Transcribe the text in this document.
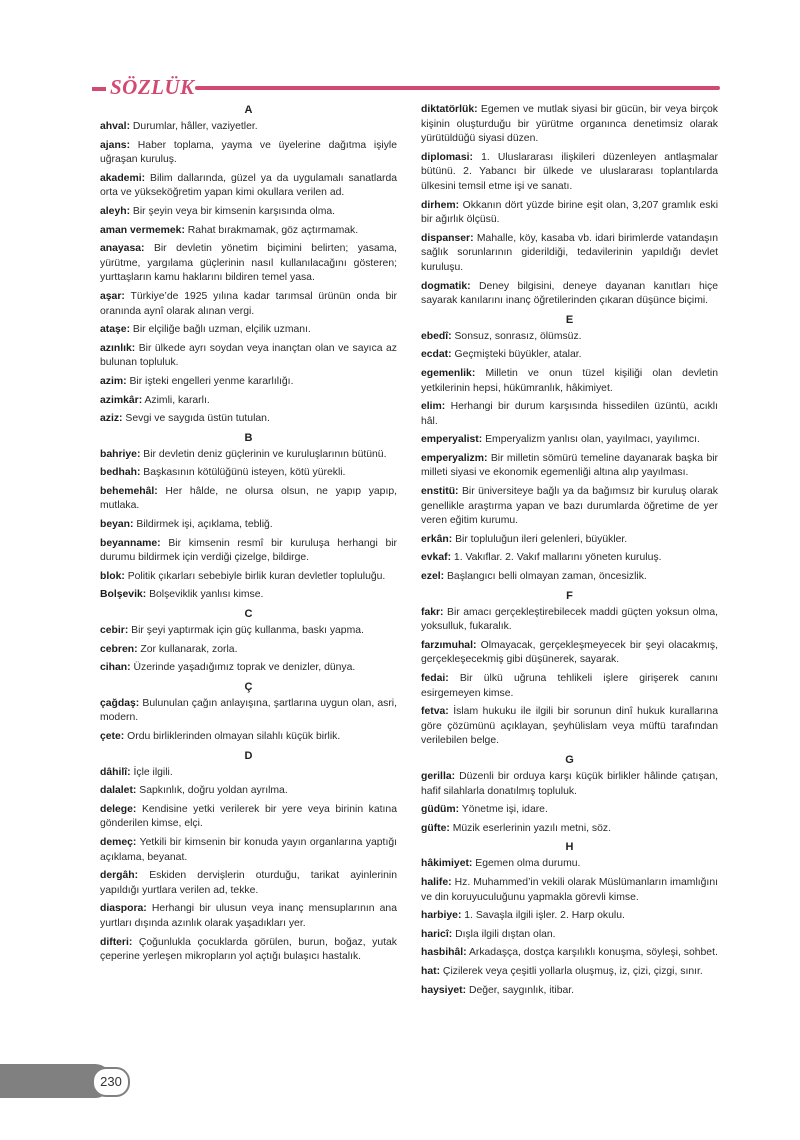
SÖZLÜK
A
ahval: Durumlar, hâller, vaziyetler.
ajans: Haber toplama, yayma ve üyelerine dağıtma işiyle uğraşan kuruluş.
akademi: Bilim dallarında, güzel ya da uygulamalı sanatlarda orta ve yükseköğretim yapan kimi okullara verilen ad.
aleyh: Bir şeyin veya bir kimsenin karşısında olma.
aman vermemek: Rahat bırakmamak, göz açtırmamak.
anayasa: Bir devletin yönetim biçimini belirten; yasama, yürütme, yargılama güçlerinin nasıl kullanılacağını gösteren; yurttaşların kamu haklarını bildiren temel yasa.
aşar: Türkiye’de 1925 yılına kadar tarımsal ürünün onda bir oranında aynî olarak alınan vergi.
ataşe: Bir elçiliğe bağlı uzman, elçilik uzmanı.
azınlık: Bir ülkede ayrı soydan veya inançtan olan ve sayıca az bulunan topluluk.
azim: Bir işteki engelleri yenme kararlılığı.
azimkâr: Azimli, kararlı.
aziz: Sevgi ve saygıda üstün tutulan.
B
bahriye: Bir devletin deniz güçlerinin ve kuruluşlarının bütünü.
bedhah: Başkasının kötülüğünü isteyen, kötü yürekli.
behemehâl: Her hâlde, ne olursa olsun, ne yapıp yapıp, mutlaka.
beyan: Bildirmek işi, açıklama, tebliğ.
beyanname: Bir kimsenin resmî bir kuruluşa herhangi bir durumu bildirmek için verdiği çizelge, bildirge.
blok: Politik çıkarları sebebiyle birlik kuran devletler topluluğu.
Bolşevik: Bolşeviklik yanlısı kimse.
C
cebir: Bir şeyi yaptırmak için güç kullanma, baskı yapma.
cebren: Zor kullanarak, zorla.
cihan: Üzerinde yaşadığımız toprak ve denizler, dünya.
Ç
çağdaş: Bulunulan çağın anlayışına, şartlarına uygun olan, asri, modern.
çete: Ordu birliklerinden olmayan silahlı küçük birlik.
D
dâhilî: İçle ilgili.
dalalet: Sapkınlık, doğru yoldan ayrılma.
delege: Kendisine yetki verilerek bir yere veya birinin katına gönderilen kimse, elçi.
demeç: Yetkili bir kimsenin bir konuda yayın organlarına yaptığı açıklama, beyanat.
dergâh: Eskiden dervişlerin oturduğu, tarikat ayinlerinin yapıldığı yurtlara verilen ad, tekke.
diaspora: Herhangi bir ulusun veya inanç mensuplarının ana yurtları dışında azınlık olarak yaşadıkları yer.
difteri: Çoğunlukla çocuklarda görülen, burun, boğaz, yutak çeperine yerleşen mikropların yol açtığı bulaşıcı hastalık.
diktatörlük: Egemen ve mutlak siyasi bir gücün, bir veya birçok kişinin oluşturduğu bir yürütme organınca denetimsiz olarak yürütüldüğü siyasi düzen.
diplomasi: 1. Uluslararası ilişkileri düzenleyen antlaşmalar bütünü. 2. Yabancı bir ülkede ve uluslararası toplantılarda ülkesini temsil etme işi ve sanatı.
dirhem: Okkanın dört yüzde birine eşit olan, 3,207 gramlık eski bir ağırlık ölçüsü.
dispanser: Mahalle, köy, kasaba vb. idari birimlerde vatandaşın sağlık sorunlarının giderildiği, tedavilerinin yapıldığı devlet kuruluşu.
dogmatik: Deney bilgisini, deneye dayanan kanıtları hiçe sayarak kanılarını inanç öğretilerinden çıkaran düşünce biçimi.
E
ebedî: Sonsuz, sonrasız, ölümsüz.
ecdat: Geçmişteki büyükler, atalar.
egemenlik: Milletin ve onun tüzel kişiliği olan devletin yetkilerinin hepsi, hükümranlık, hâkimiyet.
elim: Herhangi bir durum karşısında hissedilen üzüntü, acıklı hâl.
emperyalist: Emperyalizm yanlısı olan, yayılmacı, yayılımcı.
emperyalizm: Bir milletin sömürü temeline dayanarak başka bir milleti siyasi ve ekonomik egemenliği altına alıp yayılması.
enstitü: Bir üniversiteye bağlı ya da bağımsız bir kuruluş olarak genellikle araştırma yapan ve bazı durumlarda öğretime de yer veren eğitim kurumu.
erkân: Bir topluluğun ileri gelenleri, büyükler.
evkaf: 1. Vakıflar. 2. Vakıf mallarını yöneten kuruluş.
ezel: Başlangıcı belli olmayan zaman, öncesizlik.
F
fakr: Bir amacı gerçekleştirebilecek maddi güçten yoksun olma, yoksulluk, fukaralık.
farzımuhal: Olmayacak, gerçekleşmeyecek bir şeyi olacakmış, gerçekleşecekmiş gibi düşünerek, sayarak.
fedai: Bir ülkü uğruna tehlikeli işlere girişerek canını esirgemeyen kimse.
fetva: İslam hukuku ile ilgili bir sorunun dinî hukuk kurallarına göre çözümünü açıklayan, şeyhülislam veya müftü tarafından verilebilen belge.
G
gerilla: Düzenli bir orduya karşı küçük birlikler hâlinde çatışan, hafif silahlarla donatılmış topluluk.
güdüm: Yönetme işi, idare.
güfte: Müzik eserlerinin yazılı metni, söz.
H
hâkimiyet: Egemen olma durumu.
halife: Hz. Muhammed’in vekili olarak Müslümanların imamlığını ve din koruyuculuğunu yapmakla görevli kimse.
harbiye: 1. Savaşla ilgili işler. 2. Harp okulu.
haricî: Dışla ilgili dıştan olan.
hasbihâl: Arkadaşça, dostça karşılıklı konuşma, söyleşi, sohbet.
hat: Çizilerek veya çeşitli yollarla oluşmuş, iz, çizi, çizgi, sınır.
haysiyet: Değer, saygınlık, itibar.
230
